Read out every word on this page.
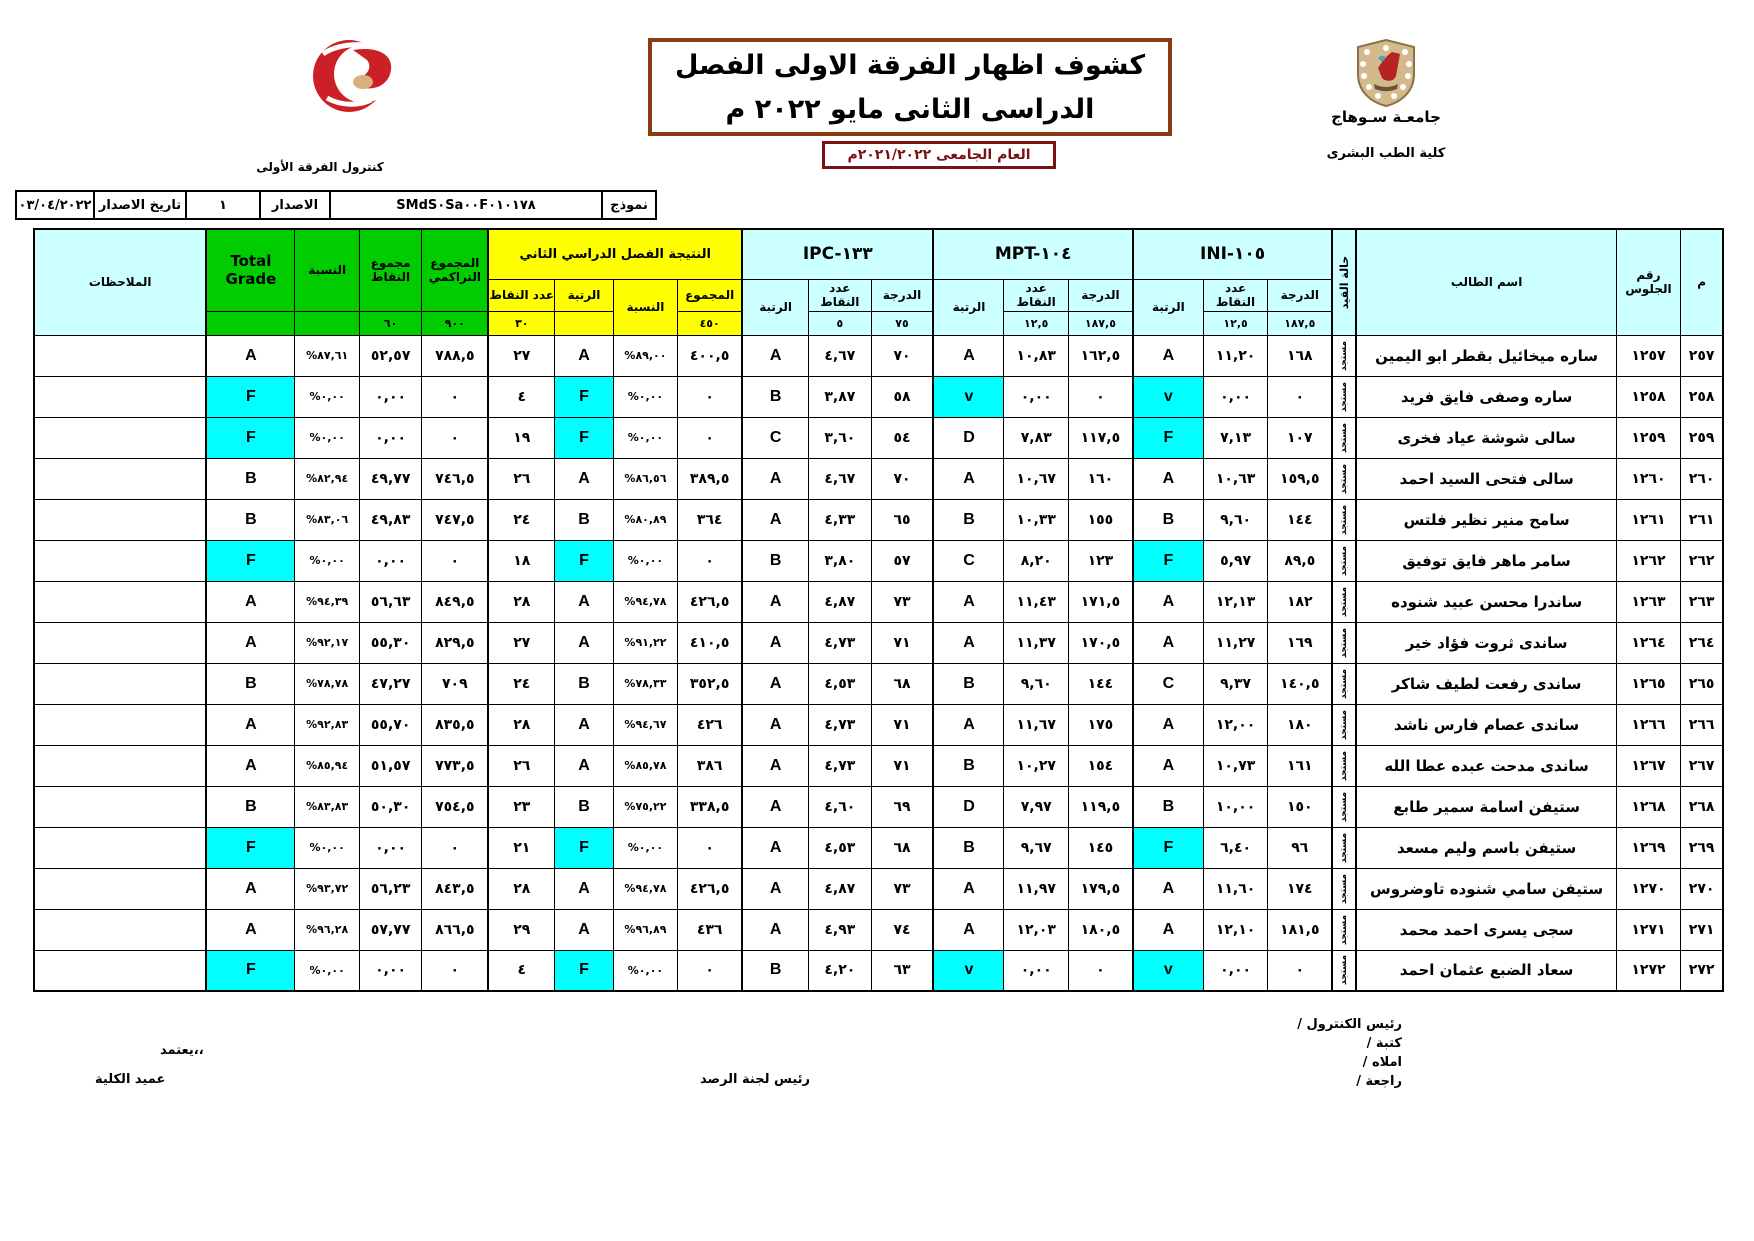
جامعـة سـوهاج
كلية الطب البشرى
كشوف اظهار الفرقة الاولى الفصل
الدراسى الثانى مايو ٢٠٢٢ م
العام الجامعى ٢٠٢١/٢٠٢٢م
كنترول الفرقة الأولى
نموذج
SMdS٠Sa٠٠F٠١٠١٧٨
الاصدار
١
تاريخ الاصدار
٠٣/٠٤/٢٠٢٢
م	رقم الجلوس	اسم الطالب	حالة القيد	INI-١٠٥			MPT-١٠٤			IPC-١٣٣			النتيجة الفصل الدراسي الثاني				المجموع التراكمي	مجموع النقاط	النسبة	Total Grade	الملاحظات
				الدرجة	عدد النقاط	الرتبة	الدرجة	عدد النقاط	الرتبة	الدرجة	عدد النقاط	الرتبة	المجموع	النسبة	الرتبة	عدد النقاط					
				١٨٧,٥	١٢,٥		١٨٧,٥	١٢,٥		٧٥	٥		٤٥٠			٣٠	٩٠٠	٦٠			
٢٥٧	١٢٥٧	ساره ميخائيل بقطر ابو اليمين	مستجد	١٦٨	١١,٢٠	A	١٦٢,٥	١٠,٨٣	A	٧٠	٤,٦٧	A	٤٠٠,٥	%٨٩,٠٠	A	٢٧	٧٨٨,٥	٥٢,٥٧	%٨٧,٦١	A	
٢٥٨	١٢٥٨	ساره وصفى فايق فريد	مستجد	٠	٠,٠٠	v	٠	٠,٠٠	v	٥٨	٣,٨٧	B	٠	%٠,٠٠	F	٤	٠	٠,٠٠	%٠,٠٠	F	
٢٥٩	١٢٥٩	سالى شوشة عياد فخرى	مستجد	١٠٧	٧,١٣	F	١١٧,٥	٧,٨٣	D	٥٤	٣,٦٠	C	٠	%٠,٠٠	F	١٩	٠	٠,٠٠	%٠,٠٠	F	
٢٦٠	١٢٦٠	سالى فتحى السيد احمد	مستجد	١٥٩,٥	١٠,٦٣	A	١٦٠	١٠,٦٧	A	٧٠	٤,٦٧	A	٣٨٩,٥	%٨٦,٥٦	A	٢٦	٧٤٦,٥	٤٩,٧٧	%٨٢,٩٤	B	
٢٦١	١٢٦١	سامح منير نظير فلتس	مستجد	١٤٤	٩,٦٠	B	١٥٥	١٠,٣٣	B	٦٥	٤,٣٣	A	٣٦٤	%٨٠,٨٩	B	٢٤	٧٤٧,٥	٤٩,٨٣	%٨٣,٠٦	B	
٢٦٢	١٢٦٢	سامر ماهر فايق توفيق	مستجد	٨٩,٥	٥,٩٧	F	١٢٣	٨,٢٠	C	٥٧	٣,٨٠	B	٠	%٠,٠٠	F	١٨	٠	٠,٠٠	%٠,٠٠	F	
٢٦٣	١٢٦٣	ساندرا محسن عبيد شنوده	مستجد	١٨٢	١٢,١٣	A	١٧١,٥	١١,٤٣	A	٧٣	٤,٨٧	A	٤٢٦,٥	%٩٤,٧٨	A	٢٨	٨٤٩,٥	٥٦,٦٣	%٩٤,٣٩	A	
٢٦٤	١٢٦٤	ساندى ثروت فؤاد خير	مستجد	١٦٩	١١,٢٧	A	١٧٠,٥	١١,٣٧	A	٧١	٤,٧٣	A	٤١٠,٥	%٩١,٢٢	A	٢٧	٨٢٩,٥	٥٥,٣٠	%٩٢,١٧	A	
٢٦٥	١٢٦٥	ساندى رفعت لطيف شاكر	مستجد	١٤٠,٥	٩,٣٧	C	١٤٤	٩,٦٠	B	٦٨	٤,٥٣	A	٣٥٢,٥	%٧٨,٣٣	B	٢٤	٧٠٩	٤٧,٢٧	%٧٨,٧٨	B	
٢٦٦	١٢٦٦	ساندى عصام فارس ناشد	مستجد	١٨٠	١٢,٠٠	A	١٧٥	١١,٦٧	A	٧١	٤,٧٣	A	٤٢٦	%٩٤,٦٧	A	٢٨	٨٣٥,٥	٥٥,٧٠	%٩٢,٨٣	A	
٢٦٧	١٢٦٧	ساندى مدحت عبده عطا الله	مستجد	١٦١	١٠,٧٣	A	١٥٤	١٠,٢٧	B	٧١	٤,٧٣	A	٣٨٦	%٨٥,٧٨	A	٢٦	٧٧٣,٥	٥١,٥٧	%٨٥,٩٤	A	
٢٦٨	١٢٦٨	ستيفن اسامة سمير طابع	مستجد	١٥٠	١٠,٠٠	B	١١٩,٥	٧,٩٧	D	٦٩	٤,٦٠	A	٣٣٨,٥	%٧٥,٢٢	B	٢٣	٧٥٤,٥	٥٠,٣٠	%٨٣,٨٣	B	
٢٦٩	١٢٦٩	ستيفن باسم وليم مسعد	مستجد	٩٦	٦,٤٠	F	١٤٥	٩,٦٧	B	٦٨	٤,٥٣	A	٠	%٠,٠٠	F	٢١	٠	٠,٠٠	%٠,٠٠	F	
٢٧٠	١٢٧٠	ستيفن سامي شنوده تاوضروس	مستجد	١٧٤	١١,٦٠	A	١٧٩,٥	١١,٩٧	A	٧٣	٤,٨٧	A	٤٢٦,٥	%٩٤,٧٨	A	٢٨	٨٤٣,٥	٥٦,٢٣	%٩٣,٧٢	A	
٢٧١	١٢٧١	سجى يسرى احمد محمد	مستجد	١٨١,٥	١٢,١٠	A	١٨٠,٥	١٢,٠٣	A	٧٤	٤,٩٣	A	٤٣٦	%٩٦,٨٩	A	٢٩	٨٦٦,٥	٥٧,٧٧	%٩٦,٢٨	A	
٢٧٢	١٢٧٢	سعاد الضبع عثمان احمد	مستجد	٠	٠,٠٠	v	٠	٠,٠٠	v	٦٣	٤,٢٠	B	٠	%٠,٠٠	F	٤	٠	٠,٠٠	%٠,٠٠	F	
رئيس الكنترول /
كتبة /
املاه /
راجعة /
رئيس لجنة الرصد
يعتمد،،
عميد الكلية
